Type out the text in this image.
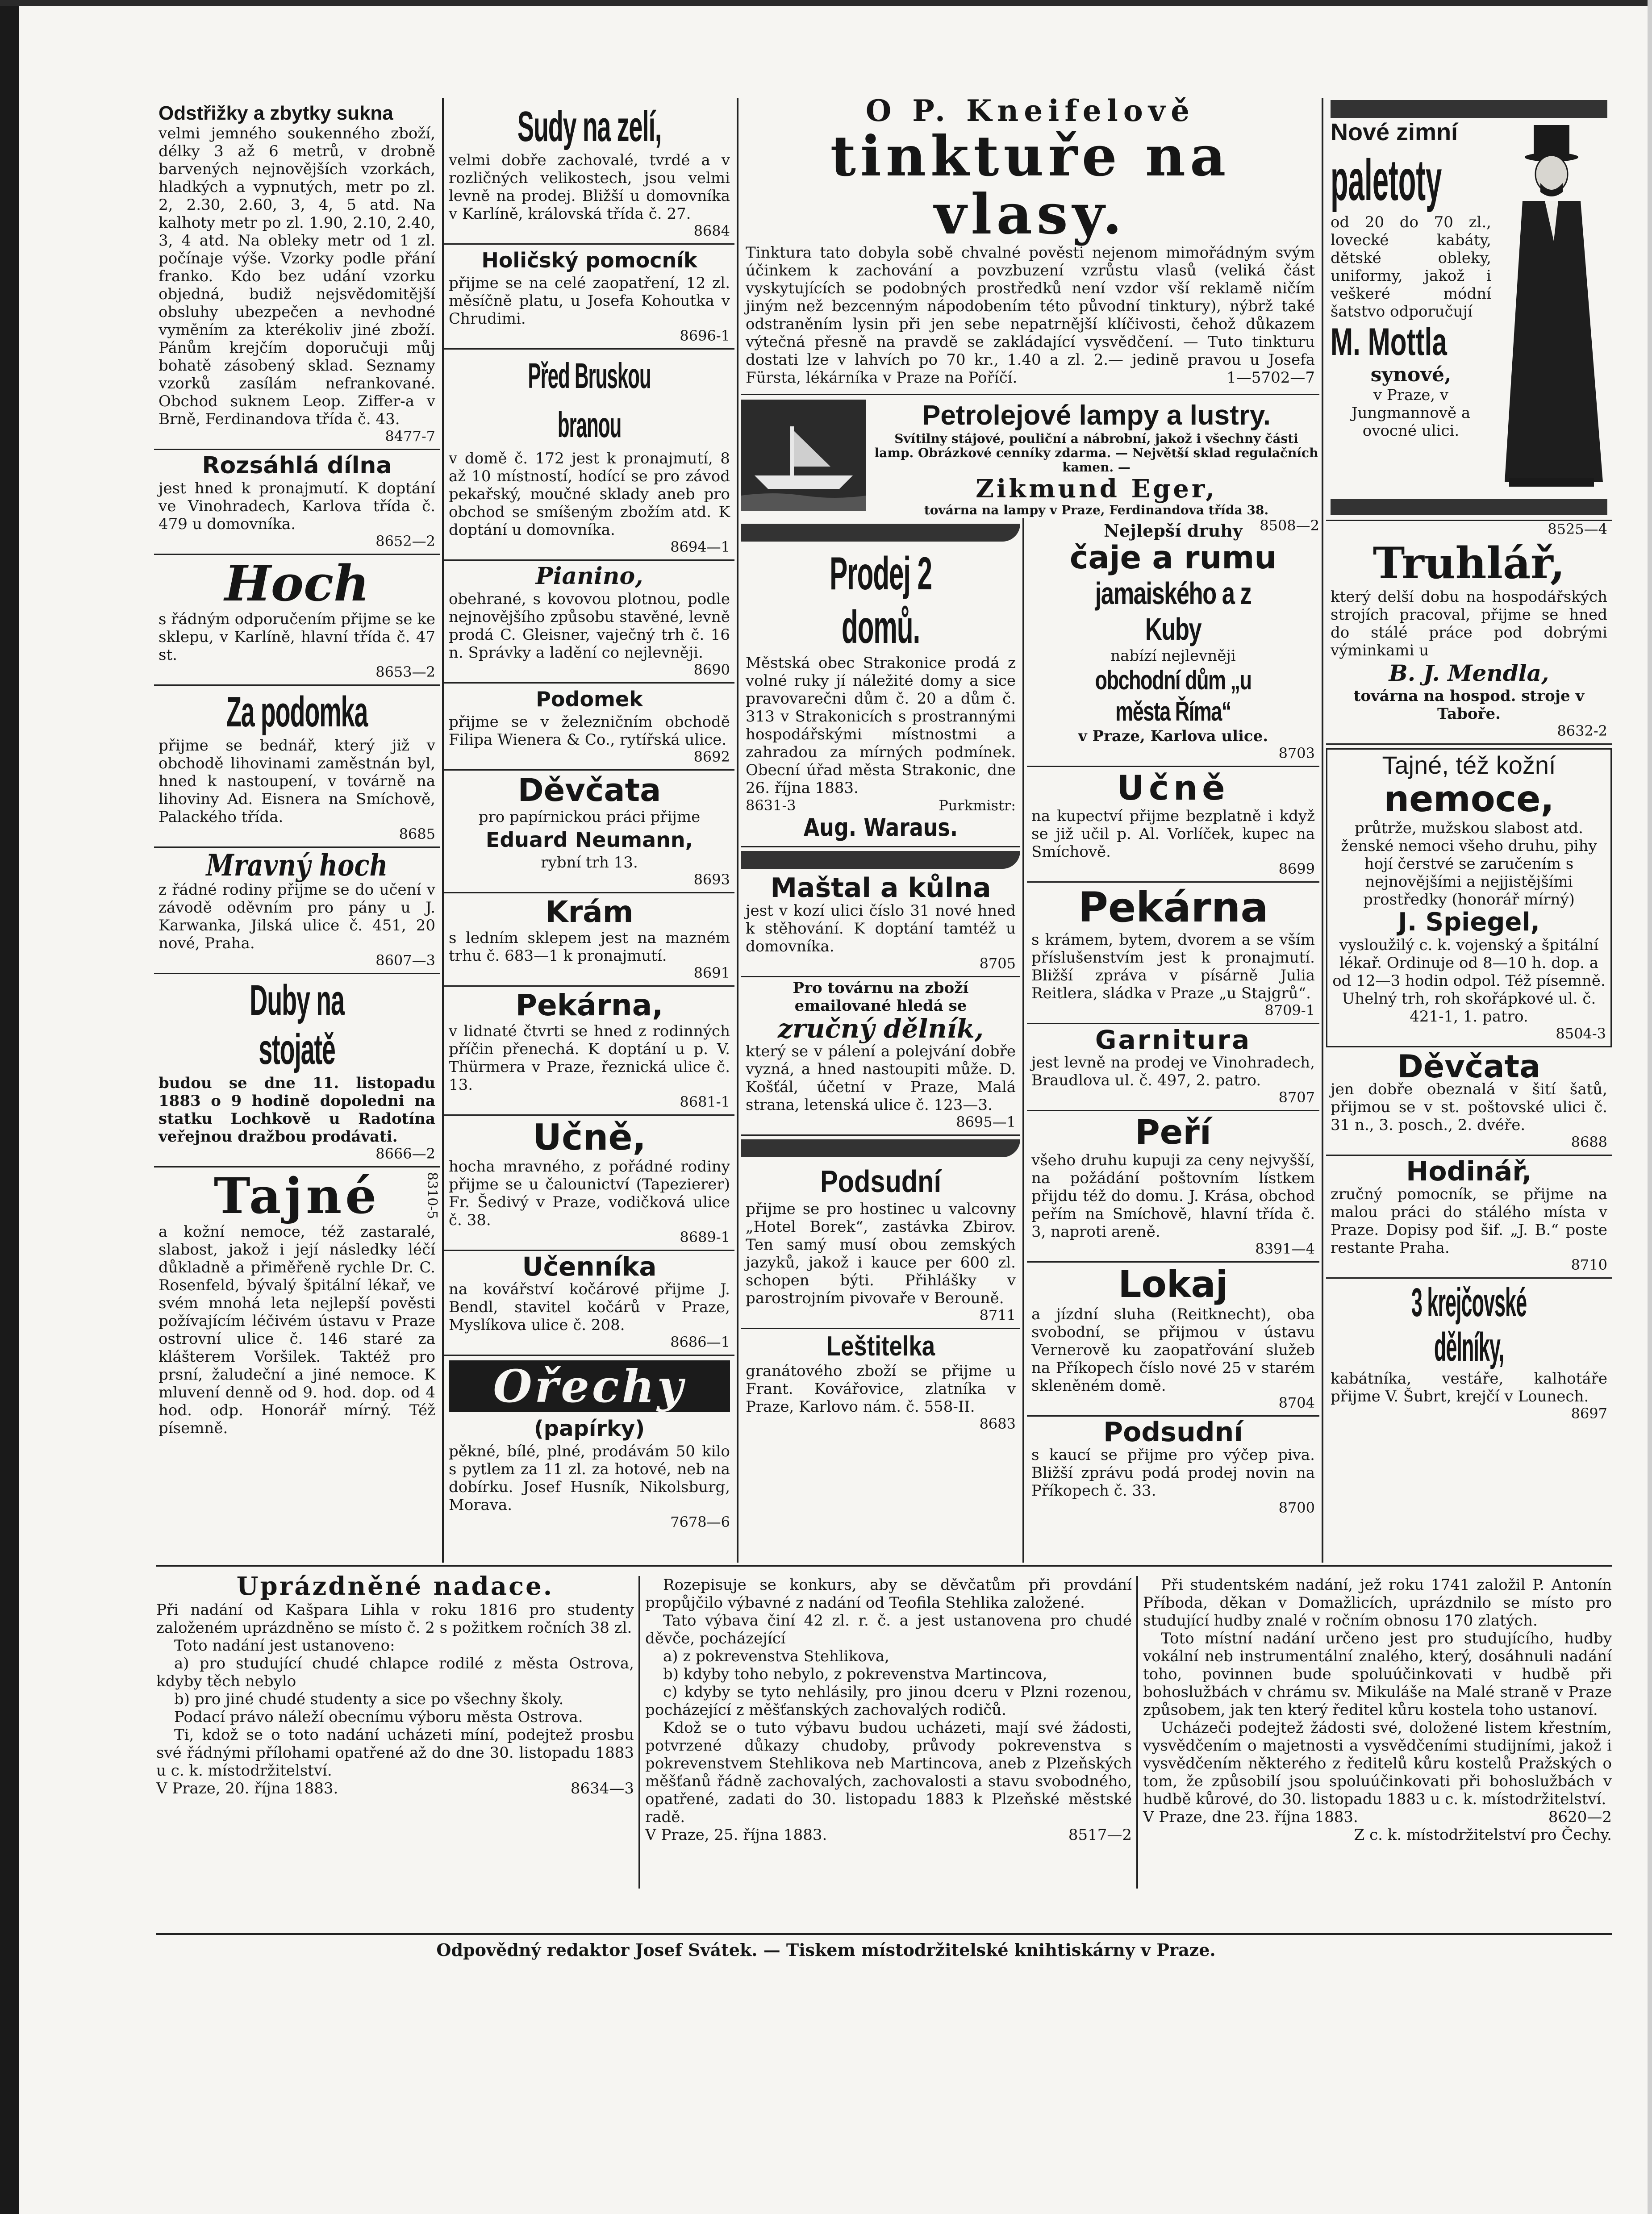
Odstřižky a zbytky sukna

velmi jemného soukenného zboží, délky 3 až 6 metrů, v drobně barvených nejnovějších vzorkách, hladkých a vypnutých, metr po zl. 2, 2.30, 2.60, 3, 4, 5 atd. Na kalhoty metr po zl. 1.90, 2.10, 2.40, 3, 4 atd. Na obleky metr od 1 zl. počínaje výše. Vzorky podle přání franko. Kdo bez udání vzorku objedná, budiž nejsvědomitější obsluhy ubezpečen a nevhodné vyměním za kterékoliv jiné zboží. Pánům krejčím doporučuji můj bohatě zásobený sklad. Seznamy vzorků zasílám nefrankované. Obchod suknem Leop. Ziffer-a v Brně, Ferdinandova třída č. 43.

8477-7
Rozsáhlá dílna

jest hned k pronajmutí. K doptání ve Vinohradech, Karlova třída č. 479 u domovníka.

8652—2
Hoch

s řádným odporučením přijme se ke sklepu, v Karlíně, hlavní třída č. 47 st.

8653—2
Za podomka

přijme se bednář, který již v obchodě lihovinami zaměstnán byl, hned k nastoupení, v továrně na lihoviny Ad. Eisnera na Smíchově, Palackého třída.

8685
Mravný hoch

z řádné rodiny přijme se do učení v závodě oděvním pro pány u J. Karwanka, Jilská ulice č. 451, 20 nové, Praha.

8607—3
Duby na stojatě

budou se dne 11. listopadu 1883 o 9 hodině dopoledni na statku Lochkově u Radotína veřejnou dražbou prodávati.

8666—2
Tajné	8310-5

a kožní nemoce, též zastaralé, slabost, jakož i její následky léčí důkladně a přiměřeně rychle Dr. C. Rosenfeld, bývalý špitální lékař, ve svém mnohá leta nejlepší pověsti požívajícím léčivém ústavu v Praze ostrovní ulice č. 146 staré za klášterem Voršilek. Taktéž pro prsní, žaludeční a jiné nemoce. K mluvení denně od 9. hod. dop. od 4 hod. odp. Honorář mírný. Též písemně.

Sudy na zelí,

velmi dobře zachovalé, tvrdé a v rozličných velikostech, jsou velmi levně na prodej. Bližší u domovníka v Karlíně, královská třída č. 27.

8684
Holičský pomocník

přijme se na celé zaopatření, 12 zl. měsíčně platu, u Josefa Kohoutka v Chrudimi.

8696-1
Před Bruskou branou

v domě č. 172 jest k pronajmutí, 8 až 10 místností, hodící se pro závod pekařský, moučné sklady aneb pro obchod se smíšeným zbožím atd. K doptání u domovníka.

8694—1
Pianino,

obehrané, s kovovou plotnou, podle nejnovějšího způsobu stavěné, levně prodá C. Gleisner, vaječný trh č. 16 n. Správky a ladění co nejlevněji.

8690
Podomek

přijme se v železničním obchodě Filipa Wienera & Co., rytířská ulice.

8692
Děvčata

pro papírnickou práci přijme

Eduard Neumann,

rybní trh 13.

8693
Krám

s ledním sklepem jest na mazném trhu č. 683—1 k pronajmutí.

8691
Pekárna,

v lidnaté čtvrti se hned z rodinných příčin přenechá. K doptání u p. V. Thürmera v Praze, řeznická ulice č. 13.

8681-1
Učně,

hocha mravného, z pořádné rodiny přijme se u čalounictví (Tapezierer) Fr. Šedivý v Praze, vodičková ulice č. 38.

8689-1
Učenníka

na kovářství kočárové přijme J. Bendl, stavitel kočárů v Praze, Myslíkova ulice č. 208.

8686—1
Ořechy
(papírky)

pěkné, bílé, plné, prodávám 50 kilo s pytlem za 11 zl. za hotové, neb na dobírku. Josef Husník, Nikolsburg, Morava.

7678—6
O P. Kneifelově
tinktuře na vlasy.

Tinktura tato dobyla sobě chvalné pověsti nejenom mimořádným svým účinkem k zachování a povzbuzení vzrůstu vlasů (veliká část vyskytujících se podobných prostředků není vzdor vší reklamě ničím jiným než bezcenným nápodobením této původní tinktury), nýbrž také odstraněním lysin při jen sebe nepatrnější klíčivosti, čehož důkazem výtečná přesně na pravdě se zakládající vysvědčení. — Tuto tinkturu dostati lze v lahvích po 70 kr., 1.40 a zl. 2.— jedině pravou u Josefa Fürsta, lékárníka v Praze na Poříčí.	1—5702—7

Petrolejové lampy a lustry.

Svítilny stájové, pouliční a nábrobní, jakož i všechny části lamp. Obrázkové cenníky zdarma. — Největší sklad regulačních kamen. —

Zikmund Eger,

továrna na lampy v Praze, Ferdinandova třída 38.

8508—2
Prodej 2 domů.

Městská obec Strakonice prodá z volné ruky jí náležité domy a sice pravovarečni dům č. 20 a dům č. 313 v Strakonicích s prostrannými hospodářskými místnostmi a zahradou za mírných podmínek. Obecní úřad města Strakonic, dne 26. října 1883.

8631-3	Purkmistr:
Aug. Waraus.
Maštal a kůlna

jest v kozí ulici číslo 31 nové hned k stěhování. K doptání tamtéž u domovníka.

8705

Pro továrnu na zboží emailované hledá se

zručný dělník,

který se v pálení a polejvání dobře vyzná, a hned nastoupiti může. D. Košťál, účetní v Praze, Malá strana, letenská ulice č. 123—3.

8695—1
Podsudní

přijme se pro hostinec u valcovny „Hotel Borek“, zastávka Zbirov. Ten samý musí obou zemských jazyků, jakož i kauce per 600 zl. schopen býti. Přihlášky v parostrojním pivovaře v Berouně.

8711
Leštitelka

granátového zboží se přijme u Frant. Kovářovice, zlatníka v Praze, Karlovo nám. č. 558-II.

8683

Nejlepší druhy

čaje a rumu
jamaiského a z Kuby

nabízí nejlevněji

obchodní dům „u města Říma“

v Praze, Karlova ulice.

8703
Učně

na kupectví přijme bezplatně i když se již učil p. Al. Vorlíček, kupec na Smíchově.

8699
Pekárna

s krámem, bytem, dvorem a se vším příslušenstvím jest k pronajmutí. Bližší zpráva v písárně Julia Reitlera, sládka v Praze „u Stajgrů“.

8709-1
Garnitura

jest levně na prodej ve Vinohradech, Braudlova ul. č. 497, 2. patro.

8707
Peří

všeho druhu kupuji za ceny nejvyšší, na požádání poštovním lístkem přijdu též do domu. J. Krása, obchod peřím na Smíchově, hlavní třída č. 3, naproti areně.

8391—4
Lokaj

a jízdní sluha (Reitknecht), oba svobodní, se přijmou v ústavu Vernerově ku zaopatřování služeb na Příkopech číslo nové 25 v starém skleněném domě.

8704
Podsudní

s kaucí se přijme pro výčep piva. Bližší zprávu podá prodej novin na Příkopech č. 33.

8700
Nové zimní
paletoty

od 20 do 70 zl., lovecké kabáty, dětské obleky, uniformy, jakož i veškeré módní šatstvo odporučují

M. Mottla
synové,

v Praze, v Jungmannově a ovocné ulici.

8525—4
Truhlář,

který delší dobu na hospodářských strojích pracoval, přijme se hned do stálé práce pod dobrými výminkami u

B. J. Mendla,

továrna na hospod. stroje v Taboře.

8632-2
Tajné, též kožní
nemoce,

průtrže, mužskou slabost atd. ženské nemoci všeho druhu, pihy hojí čerstvé se zaručením s nejnovějšími a nejjistějšími prostředky (honorář mírný)

J. Spiegel,

vysloužilý c. k. vojenský a špitální lékař. Ordinuje od 8—10 h. dop. a od 12—3 hodin odpol. Též písemně. Uhelný trh, roh skořápkové ul. č. 421-1, 1. patro.

8504-3
Děvčata

jen dobře obeznalá v šití šatů, přijmou se v st. poštovské ulici č. 31 n., 3. posch., 2. dvéře.

8688
Hodinář,

zručný pomocník, se přijme na malou práci do stálého místa v Praze. Dopisy pod šif. „J. B.“ poste restante Praha.

8710
3 krejčovské dělníky,

kabátníka, vestáře, kalhotáře přijme V. Šubrt, krejčí v Lounech.

8697
Uprázdněné nadace.

Při nadání od Kašpara Lihla v roku 1816 pro studenty založeném uprázdněno se místo č. 2 s požitkem ročních 38 zl.

Toto nadání jest ustanoveno:

a) pro studující chudé chlapce rodilé z města Ostrova, kdyby těch nebylo

b) pro jiné chudé studenty a sice po všechny školy.

Podací právo náleží obecnímu výboru města Ostrova.

Ti, kdož se o toto nadání ucházeti míní, podejtež prosbu své řádnými přílohami opatřené až do dne 30. listopadu 1883 u c. k. místodržitelství.

V Praze, 20. října 1883.	8634—3

Rozepisuje se konkurs, aby se děvčatům při provdání propůjčilo výbavné z nadání od Teofila Stehlika založené.

Tato výbava činí 42 zl. r. č. a jest ustanovena pro chudé děvče, pocházející

a) z pokrevenstva Stehlikova,

b) kdyby toho nebylo, z pokrevenstva Martincova,

c) kdyby se tyto nehlásily, pro jinou dceru v Plzni rozenou, pocházející z měšťanských zachovalých rodičů.

Kdož se o tuto výbavu budou ucházeti, mají své žádosti, potvrzené důkazy chudoby, průvody pokrevenstva s pokrevenstvem Stehlikova neb Martincova, aneb z Plzeňských měšťanů řádně zachovalých, zachovalosti a stavu svobodného, opatřené, zadati do 30. listopadu 1883 k Plzeňské městské radě.

V Praze, 25. října 1883.	8517—2

Při studentském nadání, jež roku 1741 založil P. Antonín Příboda, děkan v Domažlicích, uprázdnilo se místo pro studující hudby znalé v ročním obnosu 170 zlatých.

Toto místní nadání určeno jest pro studujícího, hudby vokální neb instrumentální znalého, který, dosáhnuli nadání toho, povinnen bude spoluúčinkovati v hudbě při bohoslužbách v chrámu sv. Mikuláše na Malé straně v Praze způsobem, jak ten který ředitel kůru kostela toho ustanoví.

Ucházeči podejtež žádosti své, doložené listem křestním, vysvědčením o majetnosti a vysvědčeními studijními, jakož i vysvědčením některého z ředitelů kůru kostelů Pražských o tom, že způsobilí jsou spoluúčinkovati při bohoslužbách v hudbě kůrové, do 30. listopadu 1883 u c. k. místodržitelství.

V Praze, dne 23. října 1883.	8620—2

Z c. k. místodržitelství pro Čechy.

Odpovědný redaktor Josef Svátek. — Tiskem místodržitelské knihtiskárny v Praze.
